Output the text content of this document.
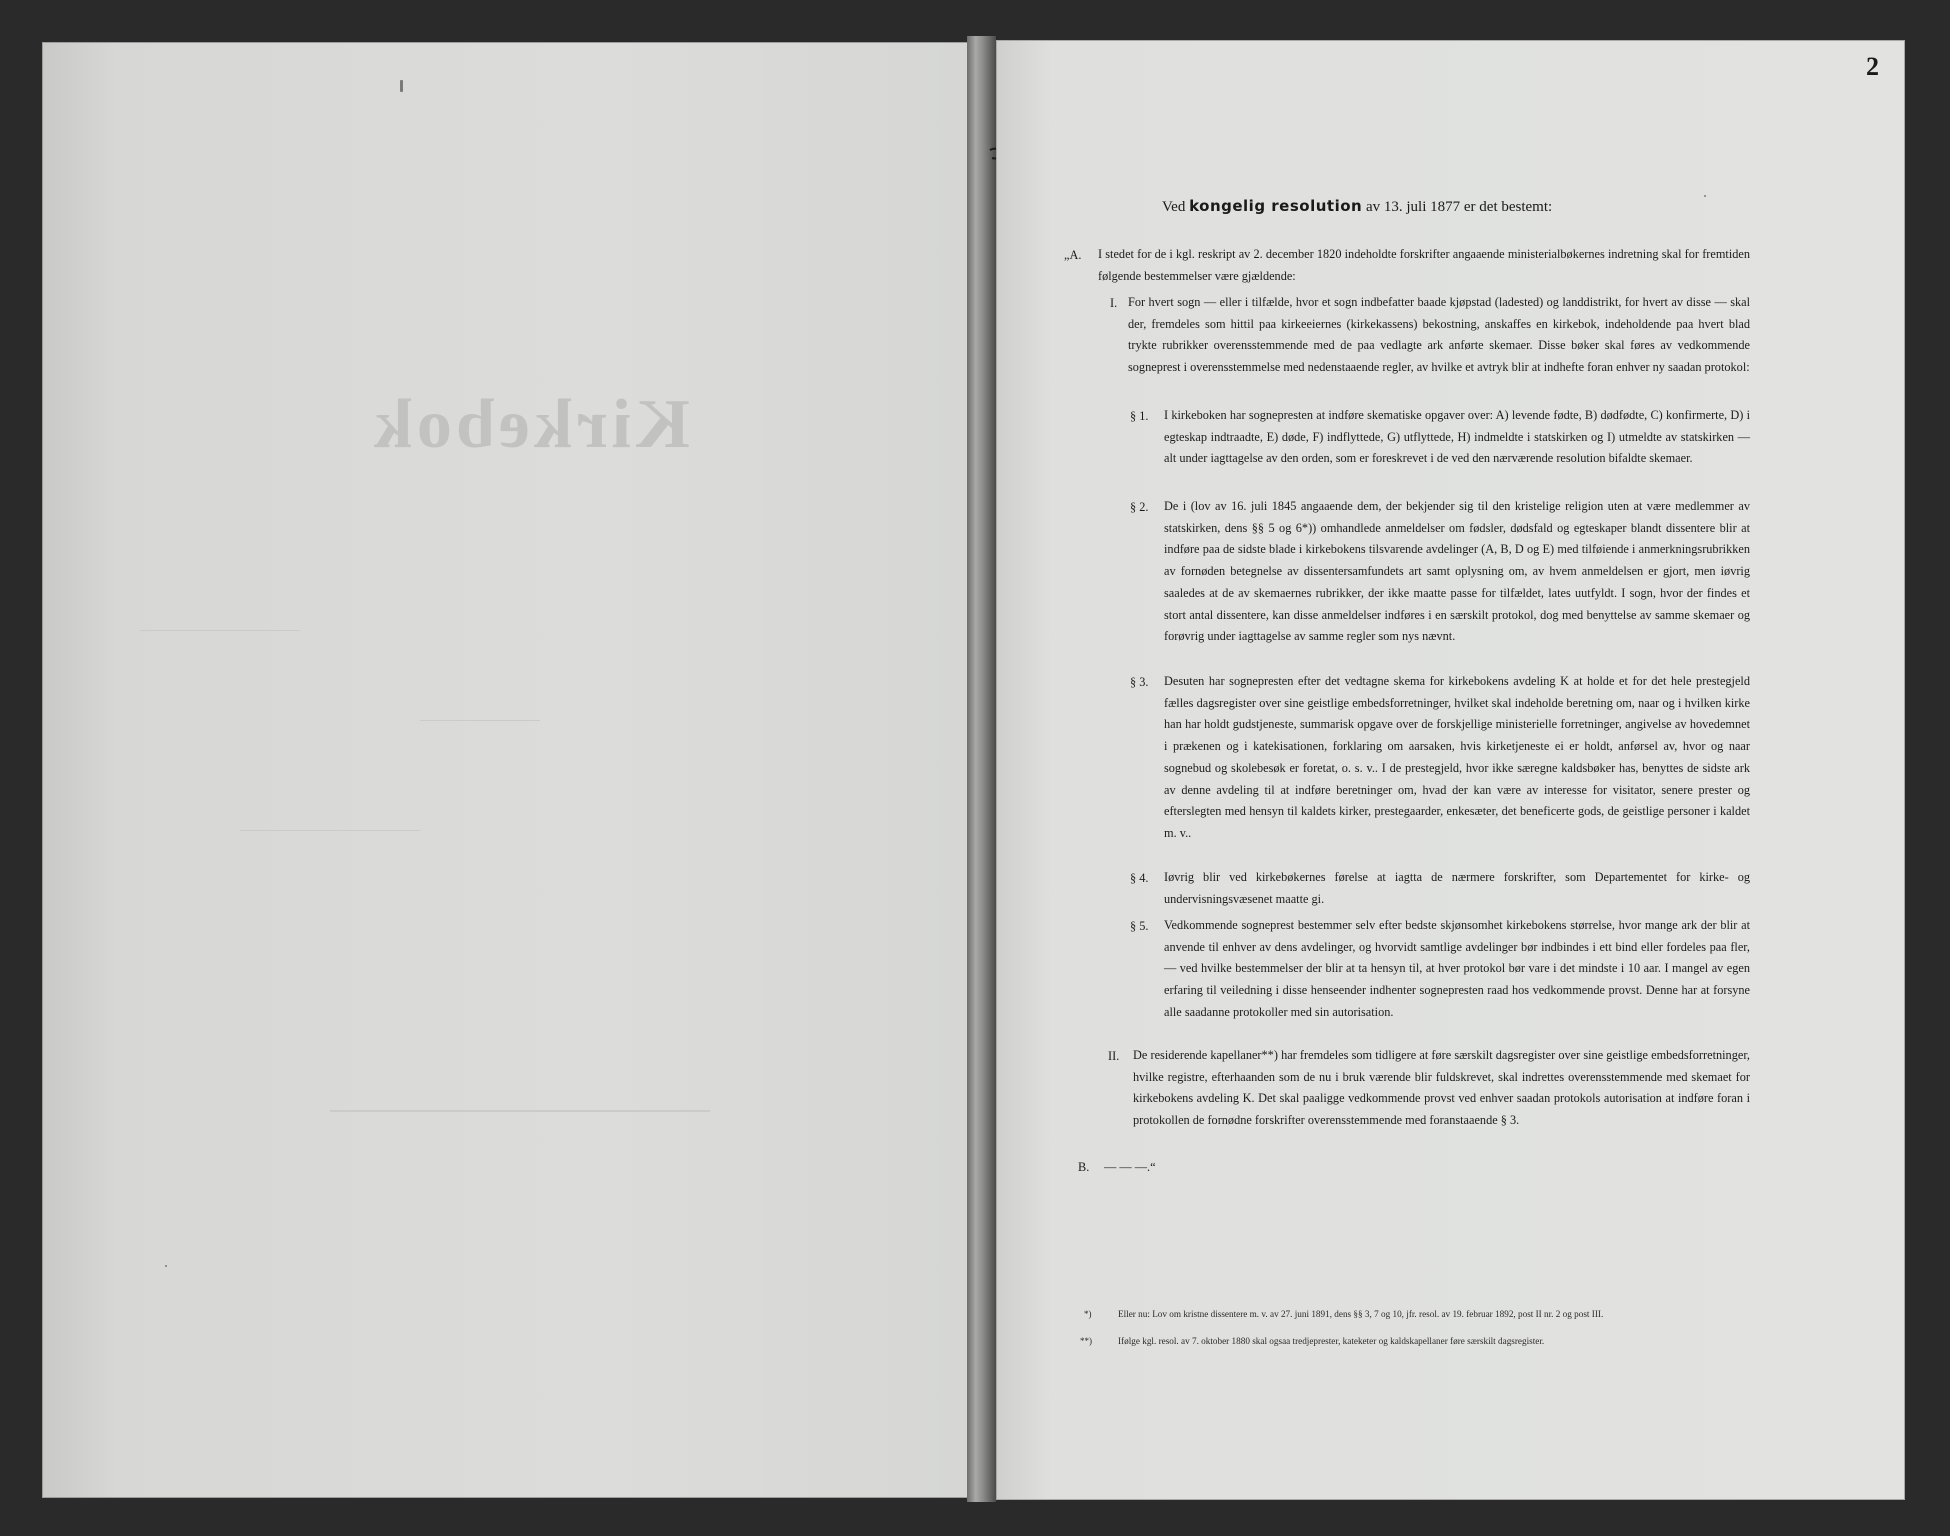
Kirkebok
2
Ved kongelig resolution av 13. juli 1877 er det bestemt:
„A. I stedet for de i kgl. reskript av 2. december 1820 indeholdte forskrifter angaaende ministerialbøkernes indretning skal for fremtiden følgende bestemmelser være gjældende:
I. For hvert sogn — eller i tilfælde, hvor et sogn indbefatter baade kjøpstad (ladested) og landdistrikt, for hvert av disse — skal der, fremdeles som hittil paa kirkeeiernes (kirkekassens) bekostning, anskaffes en kirkebok, indeholdende paa hvert blad trykte rubrikker overensstemmende med de paa vedlagte ark anførte skemaer. Disse bøker skal føres av vedkommende sogneprest i overensstemmelse med nedenstaaende regler, av hvilke et avtryk blir at indhefte foran enhver ny saadan protokol:
§ 1. I kirkeboken har sognepresten at indføre skematiske opgaver over: A) levende fødte, B) dødfødte, C) konfirmerte, D) i egteskap indtraadte, E) døde, F) indflyttede, G) utflyttede, H) indmeldte i statskirken og I) utmeldte av statskirken — alt under iagttagelse av den orden, som er foreskrevet i de ved den nærværende resolution bifaldte skemaer.
§ 2. De i (lov av 16. juli 1845 angaaende dem, der bekjender sig til den kristelige religion uten at være medlemmer av statskirken, dens §§ 5 og 6*)) omhandlede anmeldelser om fødsler, dødsfald og egteskaper blandt dissentere blir at indføre paa de sidste blade i kirkebokens tilsvarende avdelinger (A, B, D og E) med tilføiende i anmerkningsrubrikken av fornøden betegnelse av dissentersamfundets art samt oplysning om, av hvem anmeldelsen er gjort, men iøvrig saaledes at de av skemaernes rubrikker, der ikke maatte passe for tilfældet, lates uutfyldt. I sogn, hvor der findes et stort antal dissentere, kan disse anmeldelser indføres i en særskilt protokol, dog med benyttelse av samme skemaer og forøvrig under iagttagelse av samme regler som nys nævnt.
§ 3. Desuten har sognepresten efter det vedtagne skema for kirkebokens avdeling K at holde et for det hele prestegjeld fælles dagsregister over sine geistlige embedsforretninger, hvilket skal indeholde beretning om, naar og i hvilken kirke han har holdt gudstjeneste, summarisk opgave over de forskjellige ministerielle forretninger, angivelse av hovedemnet i prækenen og i katekisationen, forklaring om aarsaken, hvis kirketjeneste ei er holdt, anførsel av, hvor og naar sognebud og skolebesøk er foretat, o. s. v.. I de prestegjeld, hvor ikke særegne kaldsbøker has, benyttes de sidste ark av denne avdeling til at indføre beretninger om, hvad der kan være av interesse for visitator, senere prester og efterslegten med hensyn til kaldets kirker, prestegaarder, enkesæter, det beneficerte gods, de geistlige personer i kaldet m. v..
§ 4. Iøvrig blir ved kirkebøkernes førelse at iagtta de nærmere forskrifter, som Departementet for kirke- og undervisningsvæsenet maatte gi.
§ 5. Vedkommende sogneprest bestemmer selv efter bedste skjønsomhet kirkebokens størrelse, hvor mange ark der blir at anvende til enhver av dens avdelinger, og hvorvidt samtlige avdelinger bør indbindes i ett bind eller fordeles paa fler, — ved hvilke bestemmelser der blir at ta hensyn til, at hver protokol bør vare i det mindste i 10 aar. I mangel av egen erfaring til veiledning i disse henseender indhenter sognepresten raad hos vedkommende provst. Denne har at forsyne alle saadanne protokoller med sin autorisation.
II. De residerende kapellaner**) har fremdeles som tidligere at føre særskilt dagsregister over sine geistlige embedsforretninger, hvilke registre, efterhaanden som de nu i bruk værende blir fuldskrevet, skal indrettes overensstemmende med skemaet for kirkebokens avdeling K. Det skal paaligge vedkommende provst ved enhver saadan protokols autorisation at indføre foran i protokollen de fornødne forskrifter overensstemmende med foranstaaende § 3.
B. — — —.“
*)	Eller nu: Lov om kristne dissentere m. v. av 27. juni 1891, dens §§ 3, 7 og 10, jfr. resol. av 19. februar 1892, post II nr. 2 og post III.
**)	Ifølge kgl. resol. av 7. oktober 1880 skal ogsaa tredjeprester, kateketer og kaldskapellaner føre særskilt dagsregister.
